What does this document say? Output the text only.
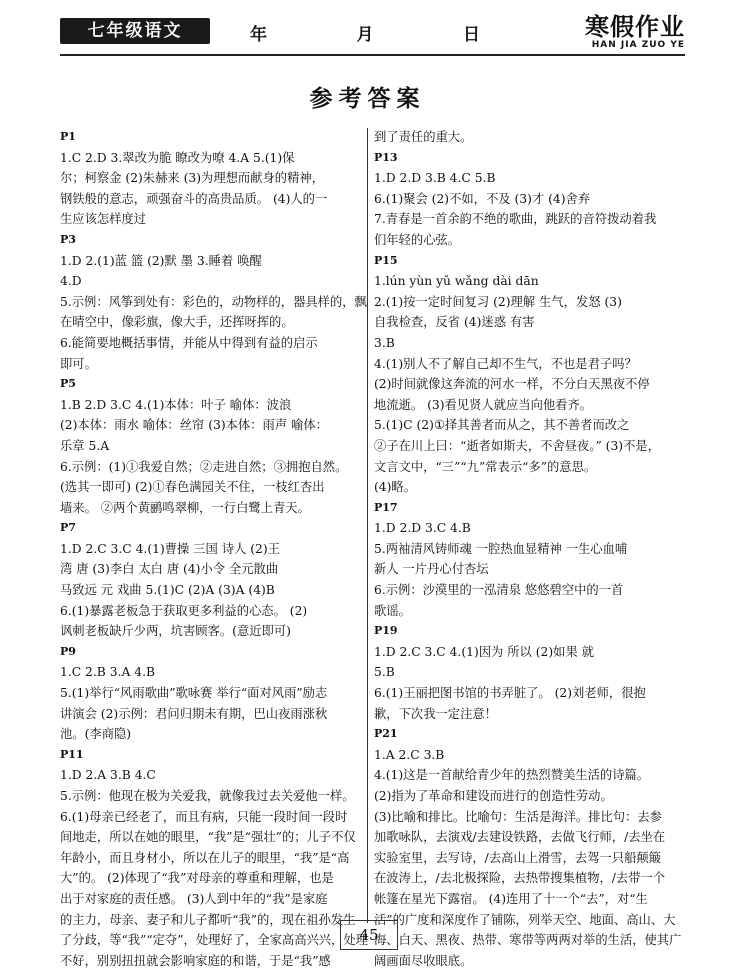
七年级语文	年	月	日	寒假作业
HAN JIA ZUO YE
参考答案
P1
1.C 2.D 3.翠改为脆 瞭改为嘹 4.A 5.(1)保
尔；柯察金 (2)朱赫来 (3)为理想而献身的精神，
钢铁般的意志，顽强奋斗的高贵品质。 (4)人的一
生应该怎样度过
P3
1.D 2.(1)蓝 篮 (2)默 墨 3.睡着 唤醒
4.D
5.示例：风筝到处有：彩色的，动物样的，器具样的，飘
在晴空中，像彩旗，像大手，还挥呀挥的。
6.能简要地概括事情，并能从中得到有益的启示
即可。
P5
1.B 2.D 3.C 4.(1)本体：叶子 喻体：波浪
(2)本体：雨水 喻体：丝帘 (3)本体：雨声 喻体：
乐章 5.A
6.示例：(1)①我爱自然；②走进自然；③拥抱自然。
(选其一即可) (2)①春色满园关不住，一枝红杏出
墙来。 ②两个黄鹂鸣翠柳，一行白鹭上青天。
P7
1.D 2.C 3.C 4.(1)曹操 三国 诗人 (2)王
湾 唐 (3)李白 太白 唐 (4)小令 全元散曲
马致远 元 戏曲 5.(1)C (2)A (3)A (4)B
6.(1)暴露老板急于获取更多利益的心态。 (2)
讽刺老板缺斤少两，坑害顾客。(意近即可)
P9
1.C 2.B 3.A 4.B
5.(1)举行“风雨歌曲”歌咏赛 举行“面对风雨”励志
讲演会 (2)示例：君问归期未有期，巴山夜雨涨秋
池。(李商隐)
P11
1.D 2.A 3.B 4.C
5.示例：他现在极为关爱我，就像我过去关爱他一样。
6.(1)母亲已经老了，而且有病，只能一段时间一段时
间地走，所以在她的眼里，“我”是“强壮”的；儿子不仅
年龄小，而且身材小，所以在儿子的眼里，“我”是“高
大”的。 (2)体现了“我”对母亲的尊重和理解，也是
出于对家庭的责任感。 (3)人到中年的“我”是家庭
的主力，母亲、妻子和儿子都听“我”的，现在祖孙发生
了分歧，等“我”“定夺”，处理好了，全家高高兴兴，处理
不好，别别扭扭就会影响家庭的和谐，于是“我”感
到了责任的重大。
P13
1.D 2.D 3.B 4.C 5.B
6.(1)聚会 (2)不如，不及 (3)才 (4)舍弃
7.青春是一首余韵不绝的歌曲，跳跃的音符拨动着我
们年轻的心弦。
P15
1.lún yùn yǔ wǎng dài dān
2.(1)按一定时间复习 (2)理解 生气，发怒 (3)
自我检查，反省 (4)迷惑 有害
3.B
4.(1)别人不了解自己却不生气，不也是君子吗？
(2)时间就像这奔流的河水一样，不分白天黑夜不停
地流逝。 (3)看见贤人就应当向他看齐。
5.(1)C (2)①择其善者而从之，其不善者而改之
②子在川上曰：“逝者如斯夫，不舍昼夜。” (3)不是，
文言文中，“三”“九”常表示“多”的意思。
(4)略。
P17
1.D 2.D 3.C 4.B
5.两袖清风铸师魂 一腔热血显精神 一生心血哺
新人 一片丹心付杏坛
6.示例：沙漠里的一泓清泉 悠悠碧空中的一首
歌谣。
P19
1.D 2.C 3.C 4.(1)因为 所以 (2)如果 就
5.B
6.(1)王丽把图书馆的书弄脏了。 (2)刘老师，很抱
歉，下次我一定注意！
P21
1.A 2.C 3.B
4.(1)这是一首献给青少年的热烈赞美生活的诗篇。
(2)指为了革命和建设而进行的创造性劳动。
(3)比喻和排比。比喻句：生活是海洋。排比句：去参
加歌咏队，去演戏/去建设铁路，去做飞行师，/去坐在
实验室里，去写诗，/去高山上滑雪，去驾一只船颠簸
在波涛上，/去北极探险，去热带搜集植物，/去带一个
帐篷在星光下露宿。 (4)连用了十一个“去”，对“生
活”的广度和深度作了铺陈，列举天空、地面、高山、大
海、白天、黑夜、热带、寒带等两两对举的生活，使其广
阔画面尽收眼底。
45
